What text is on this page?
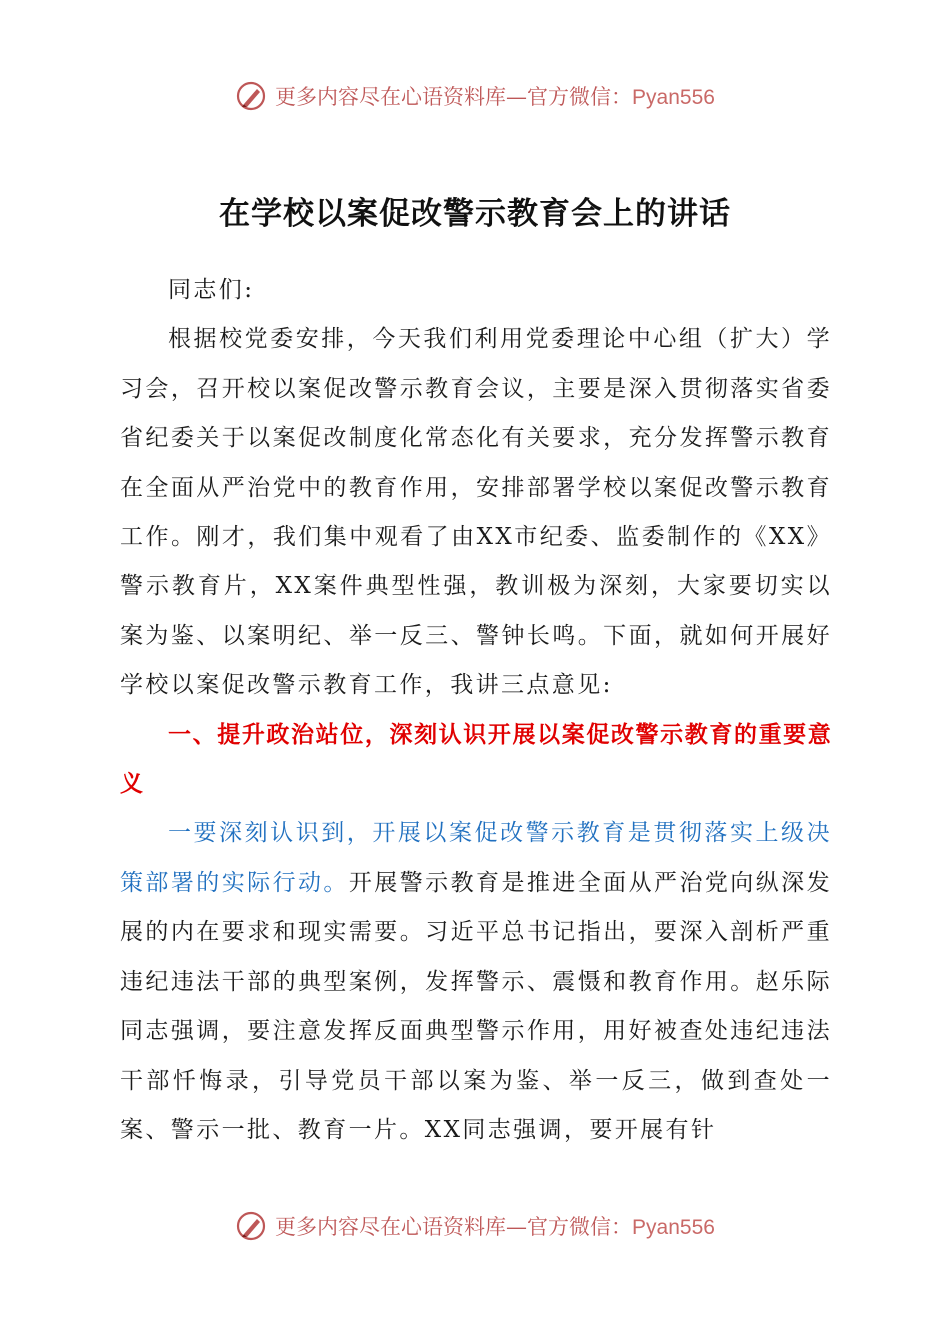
更多内容尽在心语资料库—官方微信：Pyan556
在学校以案促改警示教育会上的讲话

同志们:

根据校党委安排，今天我们利用党委理论中心组（扩大）学习会，召开校以案促改警示教育会议，主要是深入贯彻落实省委省纪委关于以案促改制度化常态化有关要求，充分发挥警示教育在全面从严治党中的教育作用，安排部署学校以案促改警示教育工作。刚才，我们集中观看了由XX市纪委、监委制作的《XX》警示教育片，XX案件典型性强，教训极为深刻，大家要切实以案为鉴、以案明纪、举一反三、警钟长鸣。下面，就如何开展好学校以案促改警示教育工作，我讲三点意见:

一、提升政治站位，深刻认识开展以案促改警示教育的重要意义

一要深刻认识到，开展以案促改警示教育是贯彻落实上级决策部署的实际行动。开展警示教育是推进全面从严治党向纵深发展的内在要求和现实需要。习近平总书记指出，要深入剖析严重违纪违法干部的典型案例，发挥警示、震慑和教育作用。赵乐际同志强调，要注意发挥反面典型警示作用，用好被查处违纪违法干部忏悔录，引导党员干部以案为鉴、举一反三，做到查处一案、警示一批、教育一片。XX同志强调，要开展有针

更多内容尽在心语资料库—官方微信：Pyan556
